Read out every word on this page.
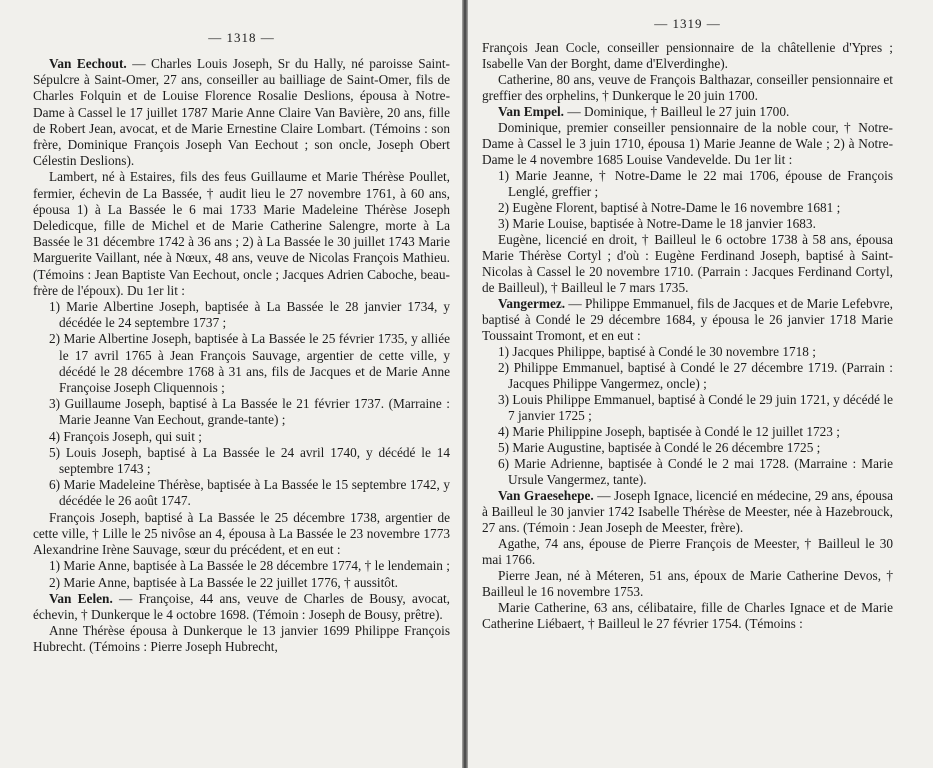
— 1318 —

Van Eechout. — Charles Louis Joseph, Sr du Hally, né paroisse Saint-Sépulcre à Saint-Omer, 27 ans, conseiller au bailliage de Saint-Omer, fils de Charles Folquin et de Louise Florence Rosalie Deslions, épousa à Notre-Dame à Cassel le 17 juillet 1787 Marie Anne Claire Van Bavière, 20 ans, fille de Robert Jean, avocat, et de Marie Ernestine Claire Lombart. (Témoins : son frère, Dominique François Joseph Van Eechout ; son oncle, Joseph Obert Célestin Deslions).

Lambert, né à Estaires, fils des feus Guillaume et Marie Thérèse Poullet, fermier, échevin de La Bassée, † audit lieu le 27 novembre 1761, à 60 ans, épousa 1) à La Bassée le 6 mai 1733 Marie Madeleine Thérèse Joseph Deledicque, fille de Michel et de Marie Catherine Salengre, morte à La Bassée le 31 décembre 1742 à 36 ans ; 2) à La Bassée le 30 juillet 1743 Marie Marguerite Vaillant, née à Nœux, 48 ans, veuve de Nicolas François Mathieu. (Témoins : Jean Baptiste Van Eechout, oncle ; Jacques Adrien Caboche, beau-frère de l'époux). Du 1er lit :

1) Marie Albertine Joseph, baptisée à La Bassée le 28 janvier 1734, y décédée le 24 septembre 1737 ;

2) Marie Albertine Joseph, baptisée à La Bassée le 25 février 1735, y alliée le 17 avril 1765 à Jean François Sauvage, argentier de cette ville, y décédé le 28 décembre 1768 à 31 ans, fils de Jacques et de Marie Anne Françoise Joseph Cliquennois ;

3) Guillaume Joseph, baptisé à La Bassée le 21 février 1737. (Marraine : Marie Jeanne Van Eechout, grande-tante) ;

4) François Joseph, qui suit ;

5) Louis Joseph, baptisé à La Bassée le 24 avril 1740, y décédé le 14 septembre 1743 ;

6) Marie Madeleine Thérèse, baptisée à La Bassée le 15 septembre 1742, y décédée le 26 août 1747.

François Joseph, baptisé à La Bassée le 25 décembre 1738, argentier de cette ville, † Lille le 25 nivôse an 4, épousa à La Bassée le 23 novembre 1773 Alexandrine Irène Sauvage, sœur du précédent, et en eut :

1) Marie Anne, baptisée à La Bassée le 28 décembre 1774, † le lendemain ;

2) Marie Anne, baptisée à La Bassée le 22 juillet 1776, † aussitôt.

Van Eelen. — Françoise, 44 ans, veuve de Charles de Bousy, avocat, échevin, † Dunkerque le 4 octobre 1698. (Témoin : Joseph de Bousy, prêtre).

Anne Thérèse épousa à Dunkerque le 13 janvier 1699 Philippe François Hubrecht. (Témoins : Pierre Joseph Hubrecht,

— 1319 —

François Jean Cocle, conseiller pensionnaire de la châtellenie d'Ypres ; Isabelle Van der Borght, dame d'Elverdinghe).

Catherine, 80 ans, veuve de François Balthazar, conseiller pensionnaire et greffier des orphelins, † Dunkerque le 20 juin 1700.

Van Empel. — Dominique, † Bailleul le 27 juin 1700.

Dominique, premier conseiller pensionnaire de la noble cour, † Notre-Dame à Cassel le 3 juin 1710, épousa 1) Marie Jeanne de Wale ; 2) à Notre-Dame le 4 novembre 1685 Louise Vandevelde. Du 1er lit :

1) Marie Jeanne, † Notre-Dame le 22 mai 1706, épouse de François Lenglé, greffier ;

2) Eugène Florent, baptisé à Notre-Dame le 16 novembre 1681 ;

3) Marie Louise, baptisée à Notre-Dame le 18 janvier 1683.

Eugène, licencié en droit, † Bailleul le 6 octobre 1738 à 58 ans, épousa Marie Thérèse Cortyl ; d'où : Eugène Ferdinand Joseph, baptisé à Saint-Nicolas à Cassel le 20 novembre 1710. (Parrain : Jacques Ferdinand Cortyl, de Bailleul), † Bailleul le 7 mars 1735.

Vangermez. — Philippe Emmanuel, fils de Jacques et de Marie Lefebvre, baptisé à Condé le 29 décembre 1684, y épousa le 26 janvier 1718 Marie Toussaint Tromont, et en eut :

1) Jacques Philippe, baptisé à Condé le 30 novembre 1718 ;

2) Philippe Emmanuel, baptisé à Condé le 27 décembre 1719. (Parrain : Jacques Philippe Vangermez, oncle) ;

3) Louis Philippe Emmanuel, baptisé à Condé le 29 juin 1721, y décédé le 7 janvier 1725 ;

4) Marie Philippine Joseph, baptisée à Condé le 12 juillet 1723 ;

5) Marie Augustine, baptisée à Condé le 26 décembre 1725 ;

6) Marie Adrienne, baptisée à Condé le 2 mai 1728. (Marraine : Marie Ursule Vangermez, tante).

Van Graesehepe. — Joseph Ignace, licencié en médecine, 29 ans, épousa à Bailleul le 30 janvier 1742 Isabelle Thérèse de Meester, née à Hazebrouck, 27 ans. (Témoin : Jean Joseph de Meester, frère).

Agathe, 74 ans, épouse de Pierre François de Meester, † Bailleul le 30 mai 1766.

Pierre Jean, né à Méteren, 51 ans, époux de Marie Catherine Devos, † Bailleul le 16 novembre 1753.

Marie Catherine, 63 ans, célibataire, fille de Charles Ignace et de Marie Catherine Liébaert, † Bailleul le 27 février 1754. (Témoins :
